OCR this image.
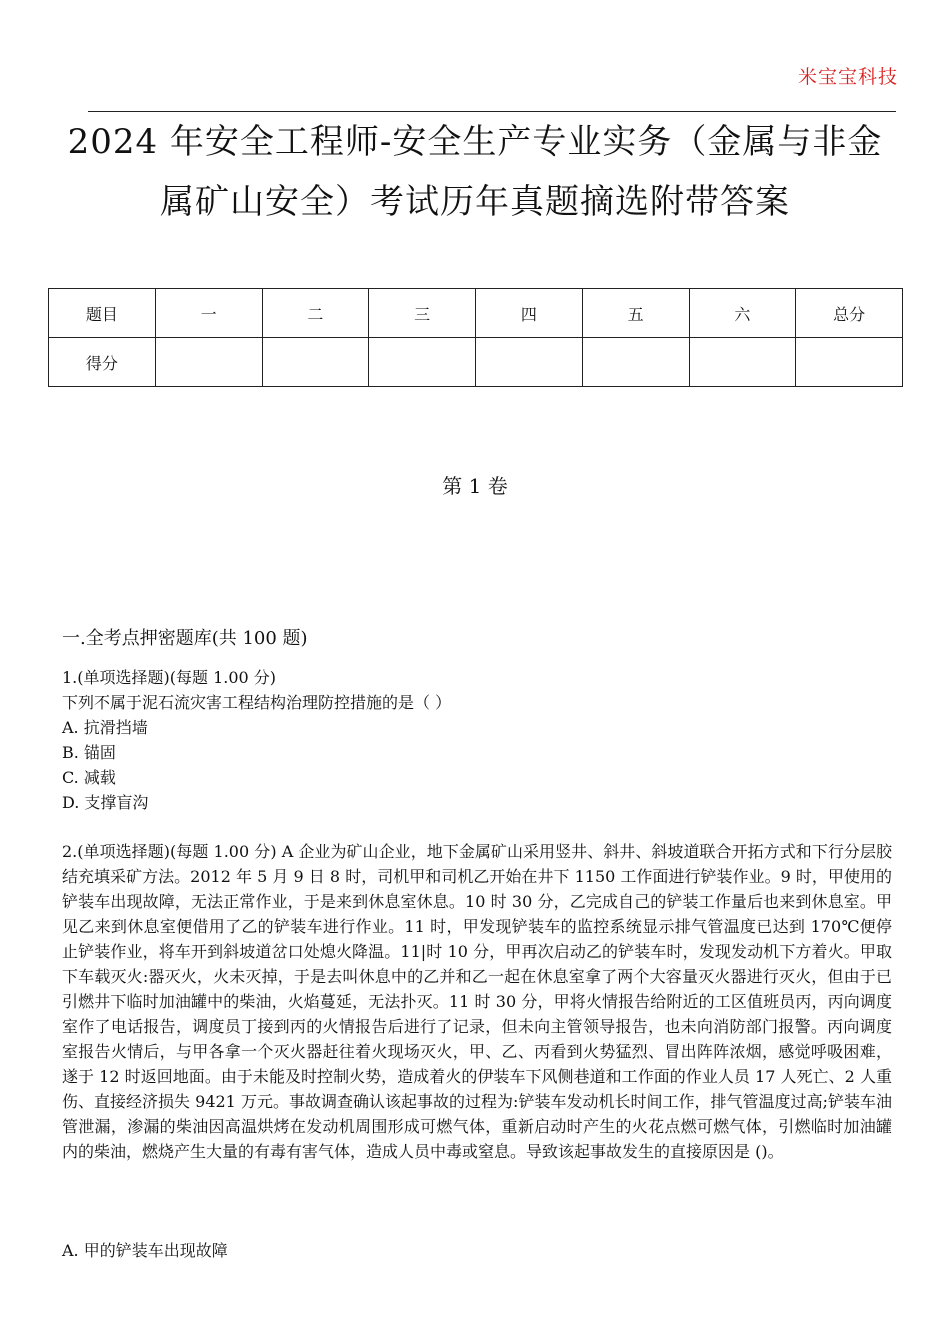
米宝宝科技
2024 年安全工程师-安全生产专业实务（金属与非金属矿山安全）考试历年真题摘选附带答案
题目	一	二	三	四	五	六	总分
得分							
第 1 卷
一.全考点押密题库(共 100 题)

1.(单项选择题)(每题 1.00 分)

下列不属于泥石流灾害工程结构治理防控措施的是（ ）

A. 抗滑挡墙

B. 锚固

C. 减载

D. 支撑盲沟

2.(单项选择题)(每题 1.00 分) A 企业为矿山企业，地下金属矿山采用竖井、斜井、斜坡道联合开拓方式和下行分层胶结充填采矿方法。2012 年 5 月 9 日 8 时，司机甲和司机乙开始在井下 1150 工作面进行铲装作业。9 时，甲使用的铲装车出现故障，无法正常作业，于是来到休息室休息。10 时 30 分，乙完成自己的铲装工作量后也来到休息室。甲见乙来到休息室便借用了乙的铲装车进行作业。11 时，甲发现铲装车的监控系统显示排气管温度已达到 170℃便停止铲装作业，将车开到斜坡道岔口处熄火降温。11|时 10 分，甲再次启动乙的铲装车时，发现发动机下方着火。甲取下车载灭火:器灭火，火未灭掉，于是去叫休息中的乙并和乙一起在休息室拿了两个大容量灭火器进行灭火，但由于已引燃井下临时加油罐中的柴油，火焰蔓延，无法扑灭。11 时 30 分，甲将火情报告给附近的工区值班员丙，丙向调度室作了电话报告，调度员丁接到丙的火情报告后进行了记录，但未向主管领导报告，也未向消防部门报警。丙向调度室报告火情后，与甲各拿一个灭火器赶往着火现场灭火，甲、乙、丙看到火势猛烈、冒出阵阵浓烟，感觉呼吸困难，遂于 12 时返回地面。由于未能及时控制火势，造成着火的伊装车下风侧巷道和工作面的作业人员 17 人死亡、2 人重伤、直接经济损失 9421 万元。事故调查确认该起事故的过程为:铲装车发动机长时间工作，排气管温度过高;铲装车油管泄漏，渗漏的柴油因高温烘烤在发动机周围形成可燃气体，重新启动时产生的火花点燃可燃气体，引燃临时加油罐内的柴油，燃烧产生大量的有毒有害气体，造成人员中毒或窒息。导致该起事故发生的直接原因是 ()。

A. 甲的铲装车出现故障
